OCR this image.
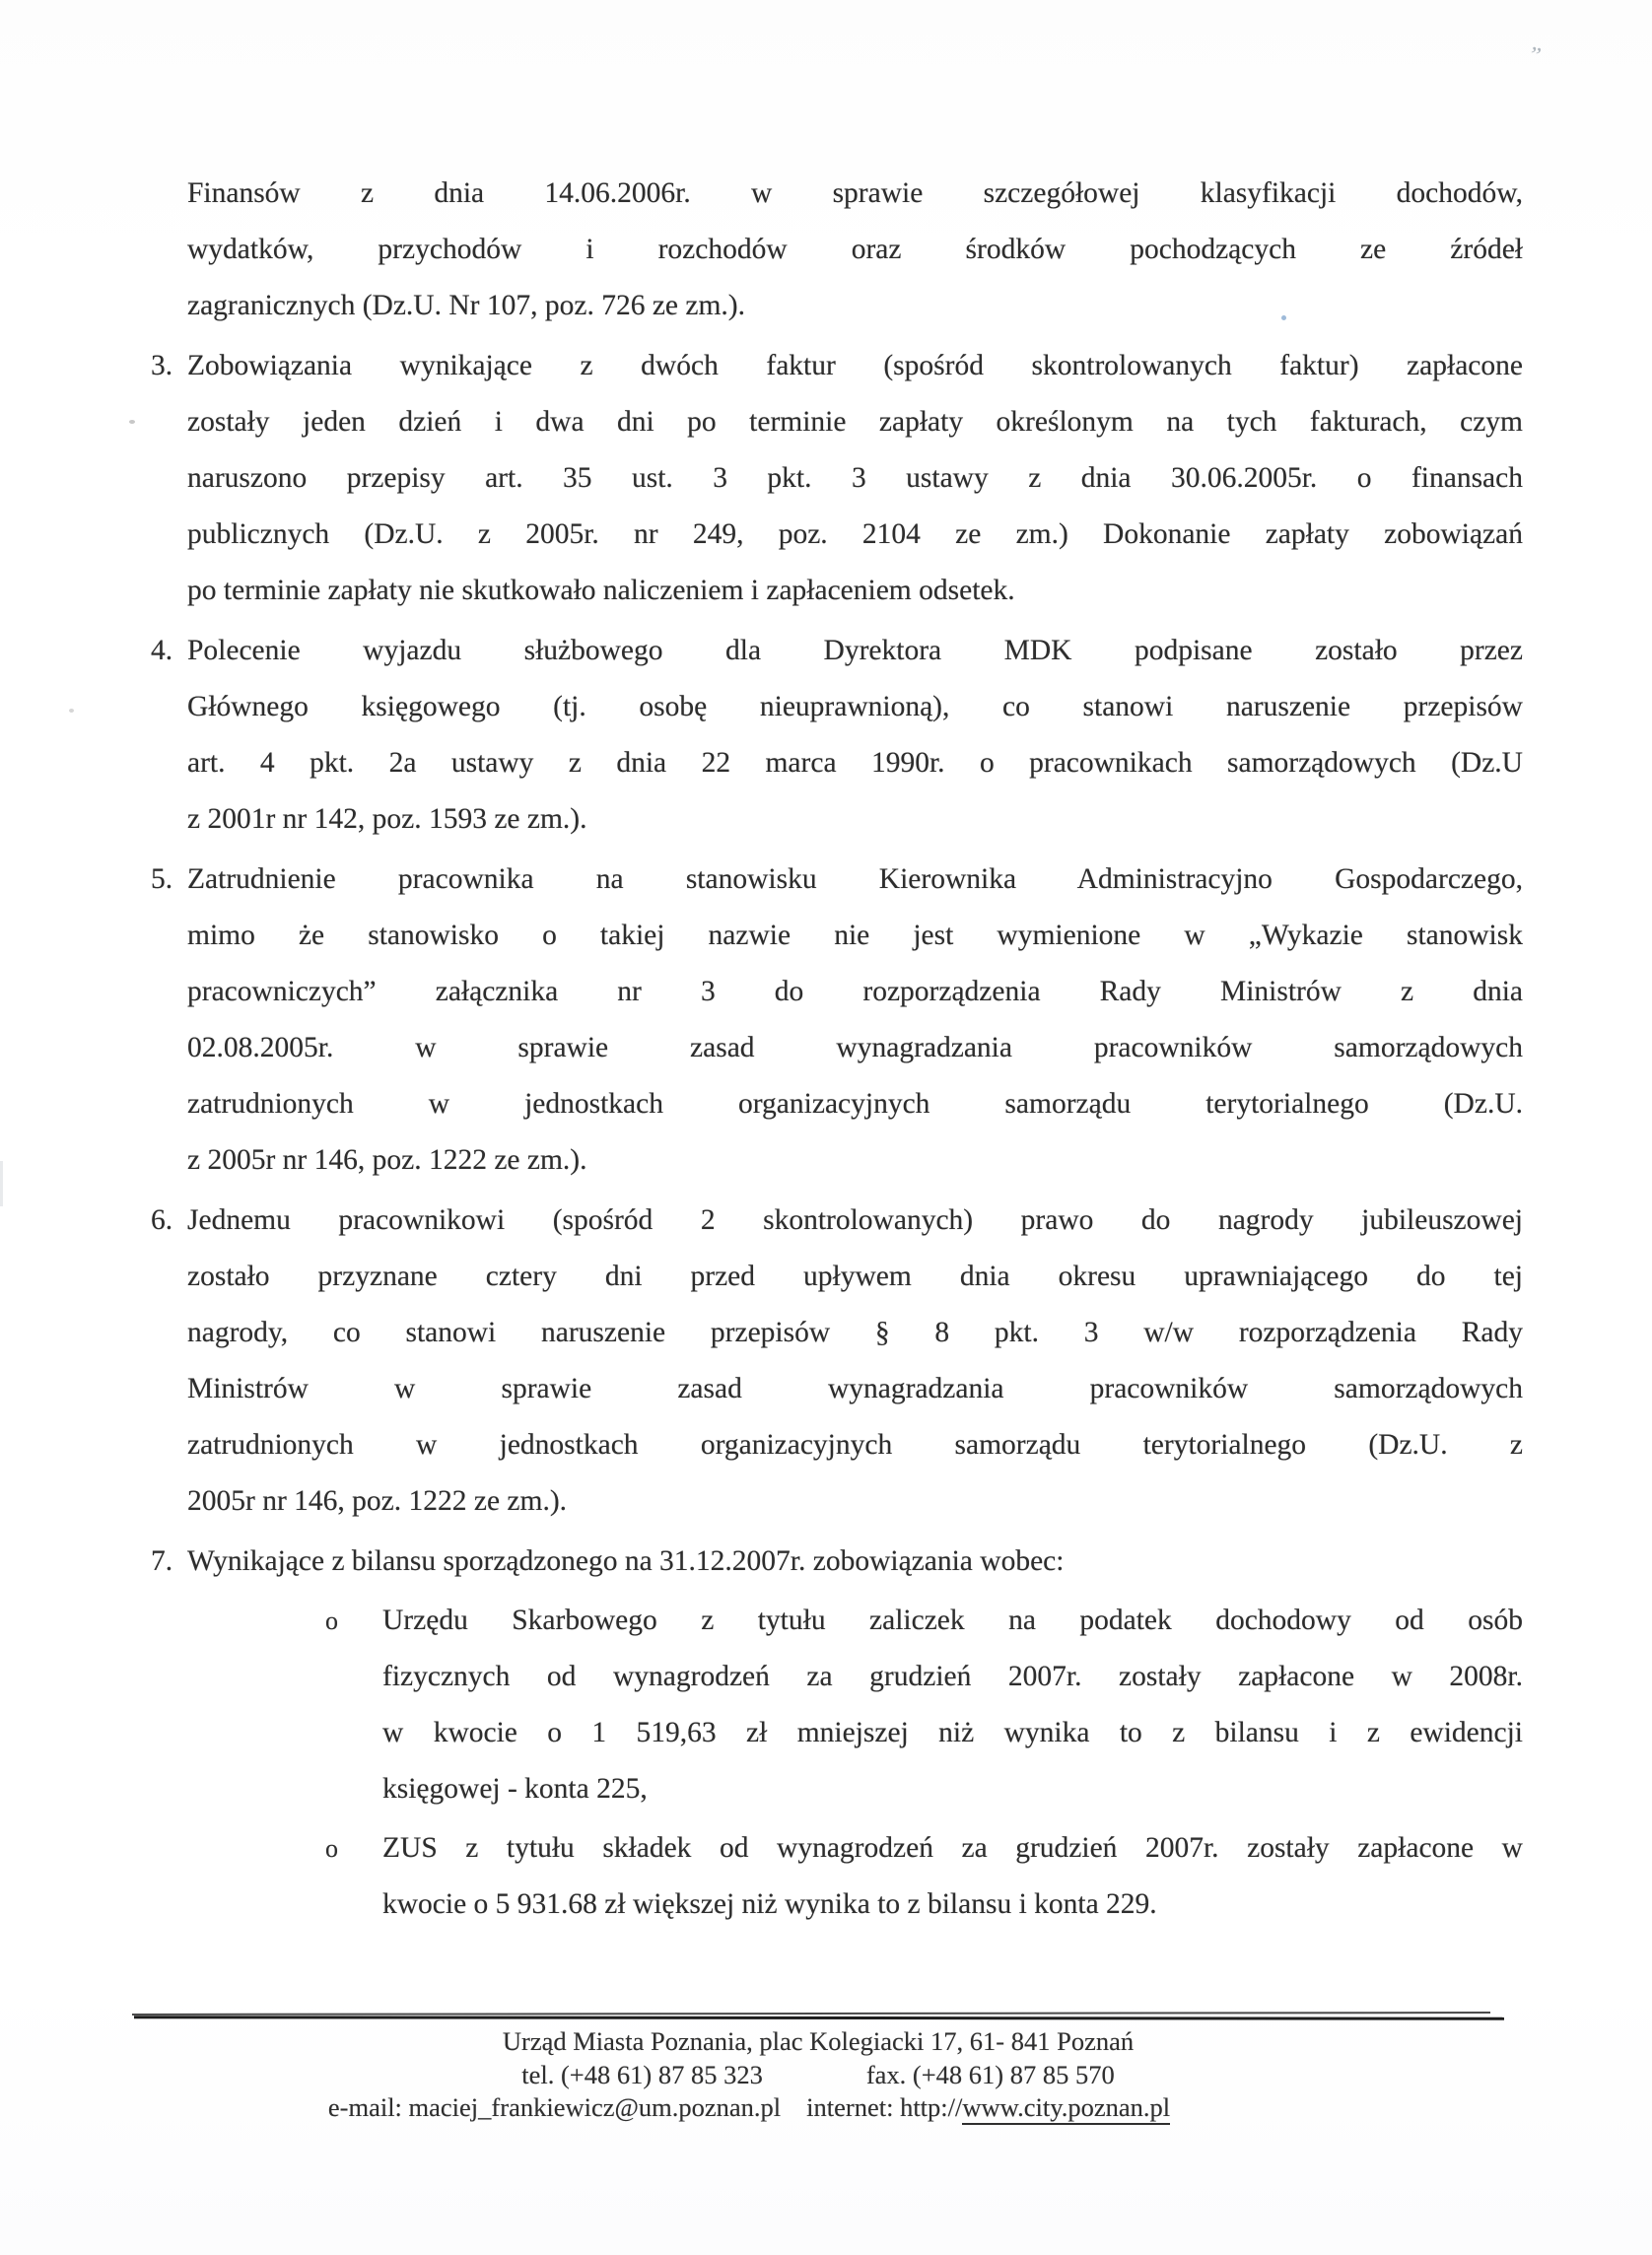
Finansów z dnia 14.06.2006r. w sprawie szczegółowej klasyfikacji dochodów,
wydatków, przychodów i rozchodów oraz środków pochodzących ze źródeł
zagranicznych (Dz.U. Nr 107, poz. 726 ze zm.).
3. Zobowiązania wynikające z dwóch faktur (spośród skontrolowanych faktur) zapłacone
zostały jeden dzień i dwa dni po terminie zapłaty określonym na tych fakturach, czym
naruszono przepisy art. 35 ust. 3 pkt. 3 ustawy z dnia 30.06.2005r. o finansach
publicznych (Dz.U. z 2005r. nr 249, poz. 2104 ze zm.) Dokonanie zapłaty zobowiązań
po terminie zapłaty nie skutkowało naliczeniem i zapłaceniem odsetek.
4. Polecenie wyjazdu służbowego dla Dyrektora MDK podpisane zostało przez
Głównego księgowego (tj. osobę nieuprawnioną), co stanowi naruszenie przepisów
art. 4 pkt. 2a ustawy z dnia 22 marca 1990r. o pracownikach samorządowych (Dz.U
z 2001r nr 142, poz. 1593 ze zm.).
5. Zatrudnienie pracownika na stanowisku Kierownika Administracyjno Gospodarczego,
mimo że stanowisko o takiej nazwie nie jest wymienione w „Wykazie stanowisk
pracowniczych” załącznika nr 3 do rozporządzenia Rady Ministrów z dnia
02.08.2005r. w sprawie zasad wynagradzania pracowników samorządowych
zatrudnionych w jednostkach organizacyjnych samorządu terytorialnego (Dz.U.
z 2005r nr 146, poz. 1222 ze zm.).
6. Jednemu pracownikowi (spośród 2 skontrolowanych) prawo do nagrody jubileuszowej
zostało przyznane cztery dni przed upływem dnia okresu uprawniającego do tej
nagrody, co stanowi naruszenie przepisów § 8 pkt. 3 w/w rozporządzenia Rady
Ministrów w sprawie zasad wynagradzania pracowników samorządowych
zatrudnionych w jednostkach organizacyjnych samorządu terytorialnego (Dz.U. z
2005r nr 146, poz. 1222 ze zm.).
7. Wynikające z bilansu sporządzonego na 31.12.2007r. zobowiązania wobec:
o	Urzędu Skarbowego z tytułu zaliczek na podatek dochodowy od osób
fizycznych od wynagrodzeń za grudzień 2007r. zostały zapłacone w 2008r.
w kwocie o 1 519,63 zł mniejszej niż wynika to z bilansu i z ewidencji
księgowej - konta 225,
o	ZUS z tytułu składek od wynagrodzeń za grudzień 2007r. zostały zapłacone w
kwocie o 5 931.68 zł większej niż wynika to z bilansu i konta 229.
Urząd Miasta Poznania, plac Kolegiacki 17, 61- 841 Poznań
tel. (+48 61) 87 85 323	fax. (+48 61) 87 85 570
e-mail: maciej_frankiewicz@um.poznan.pl internet: http://www.city.poznan.pl
”
